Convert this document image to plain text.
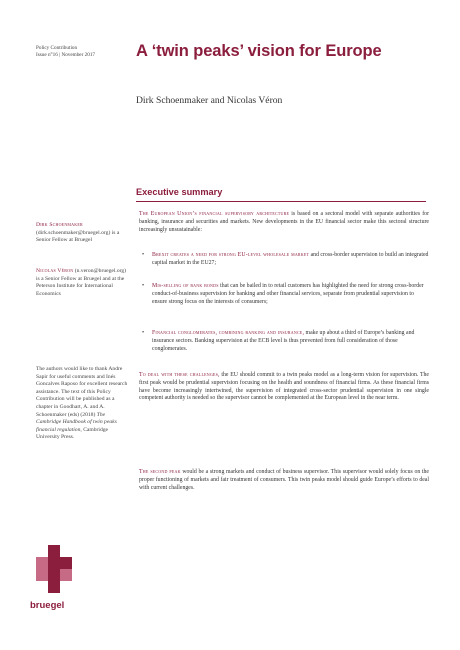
Policy Contribution
Issue n°16 | November 2017 A ‘twin peaks’ vision for Europe
Dirk Schoenmaker and Nicolas Véron
Executive summary
The European Union’s financial supervisory architecture is based on a sectoral model with separate authorities for banking, insurance and securities and markets. New developments in the EU financial sector make this sectoral structure increasingly unsustainable:
•	Brexit creates a need for strong EU-level wholesale market and cross-border supervision to build an integrated capital market in the EU27;
•	Mis-selling of bank bonds that can be bailed in to retail customers has highlighted the need for strong cross-border conduct-of-business supervision for banking and other financial services, separate from prudential supervision to ensure strong focus on the interests of consumers;
•	Financial conglomerates, combining banking and insurance, make up about a third of Europe’s banking and insurance sectors. Banking supervision at the ECB level is thus prevented from full consideration of those conglomerates.
To deal with these challenges, the EU should commit to a twin peaks model as a long-term vision for supervision. The first peak would be prudential supervision focusing on the health and soundness of financial firms. As these financial firms have become increasingly intertwined, the supervision of integrated cross-sector prudential supervision in one single competent authority is needed so the supervisor cannot be complemented at the European level in the near term.
The second peak would be a strong markets and conduct of business supervisor. This supervisor would solely focus on the proper functioning of markets and fair treatment of consumers. This twin peaks model should guide Europe’s efforts to deal with current challenges.
Dirk Schoenmaker (dirk.schoenmaker@bruegel.org) is a Senior Fellow at Bruegel
Nicolas Véron (n.veron@bruegel.org) is a Senior Fellow at Bruegel and at the Peterson Institute for International Economics
The authors would like to thank Andre Sapir for useful comments and Inés Goncalves Raposo for excellent research assistance. The text of this Policy Contribution will be published as a chapter in Goodhart, A. and A. Schoenmaker (eds) (2018) The Cambridge Handbook of twin peaks financial regulation, Cambridge University Press.
bruegel
